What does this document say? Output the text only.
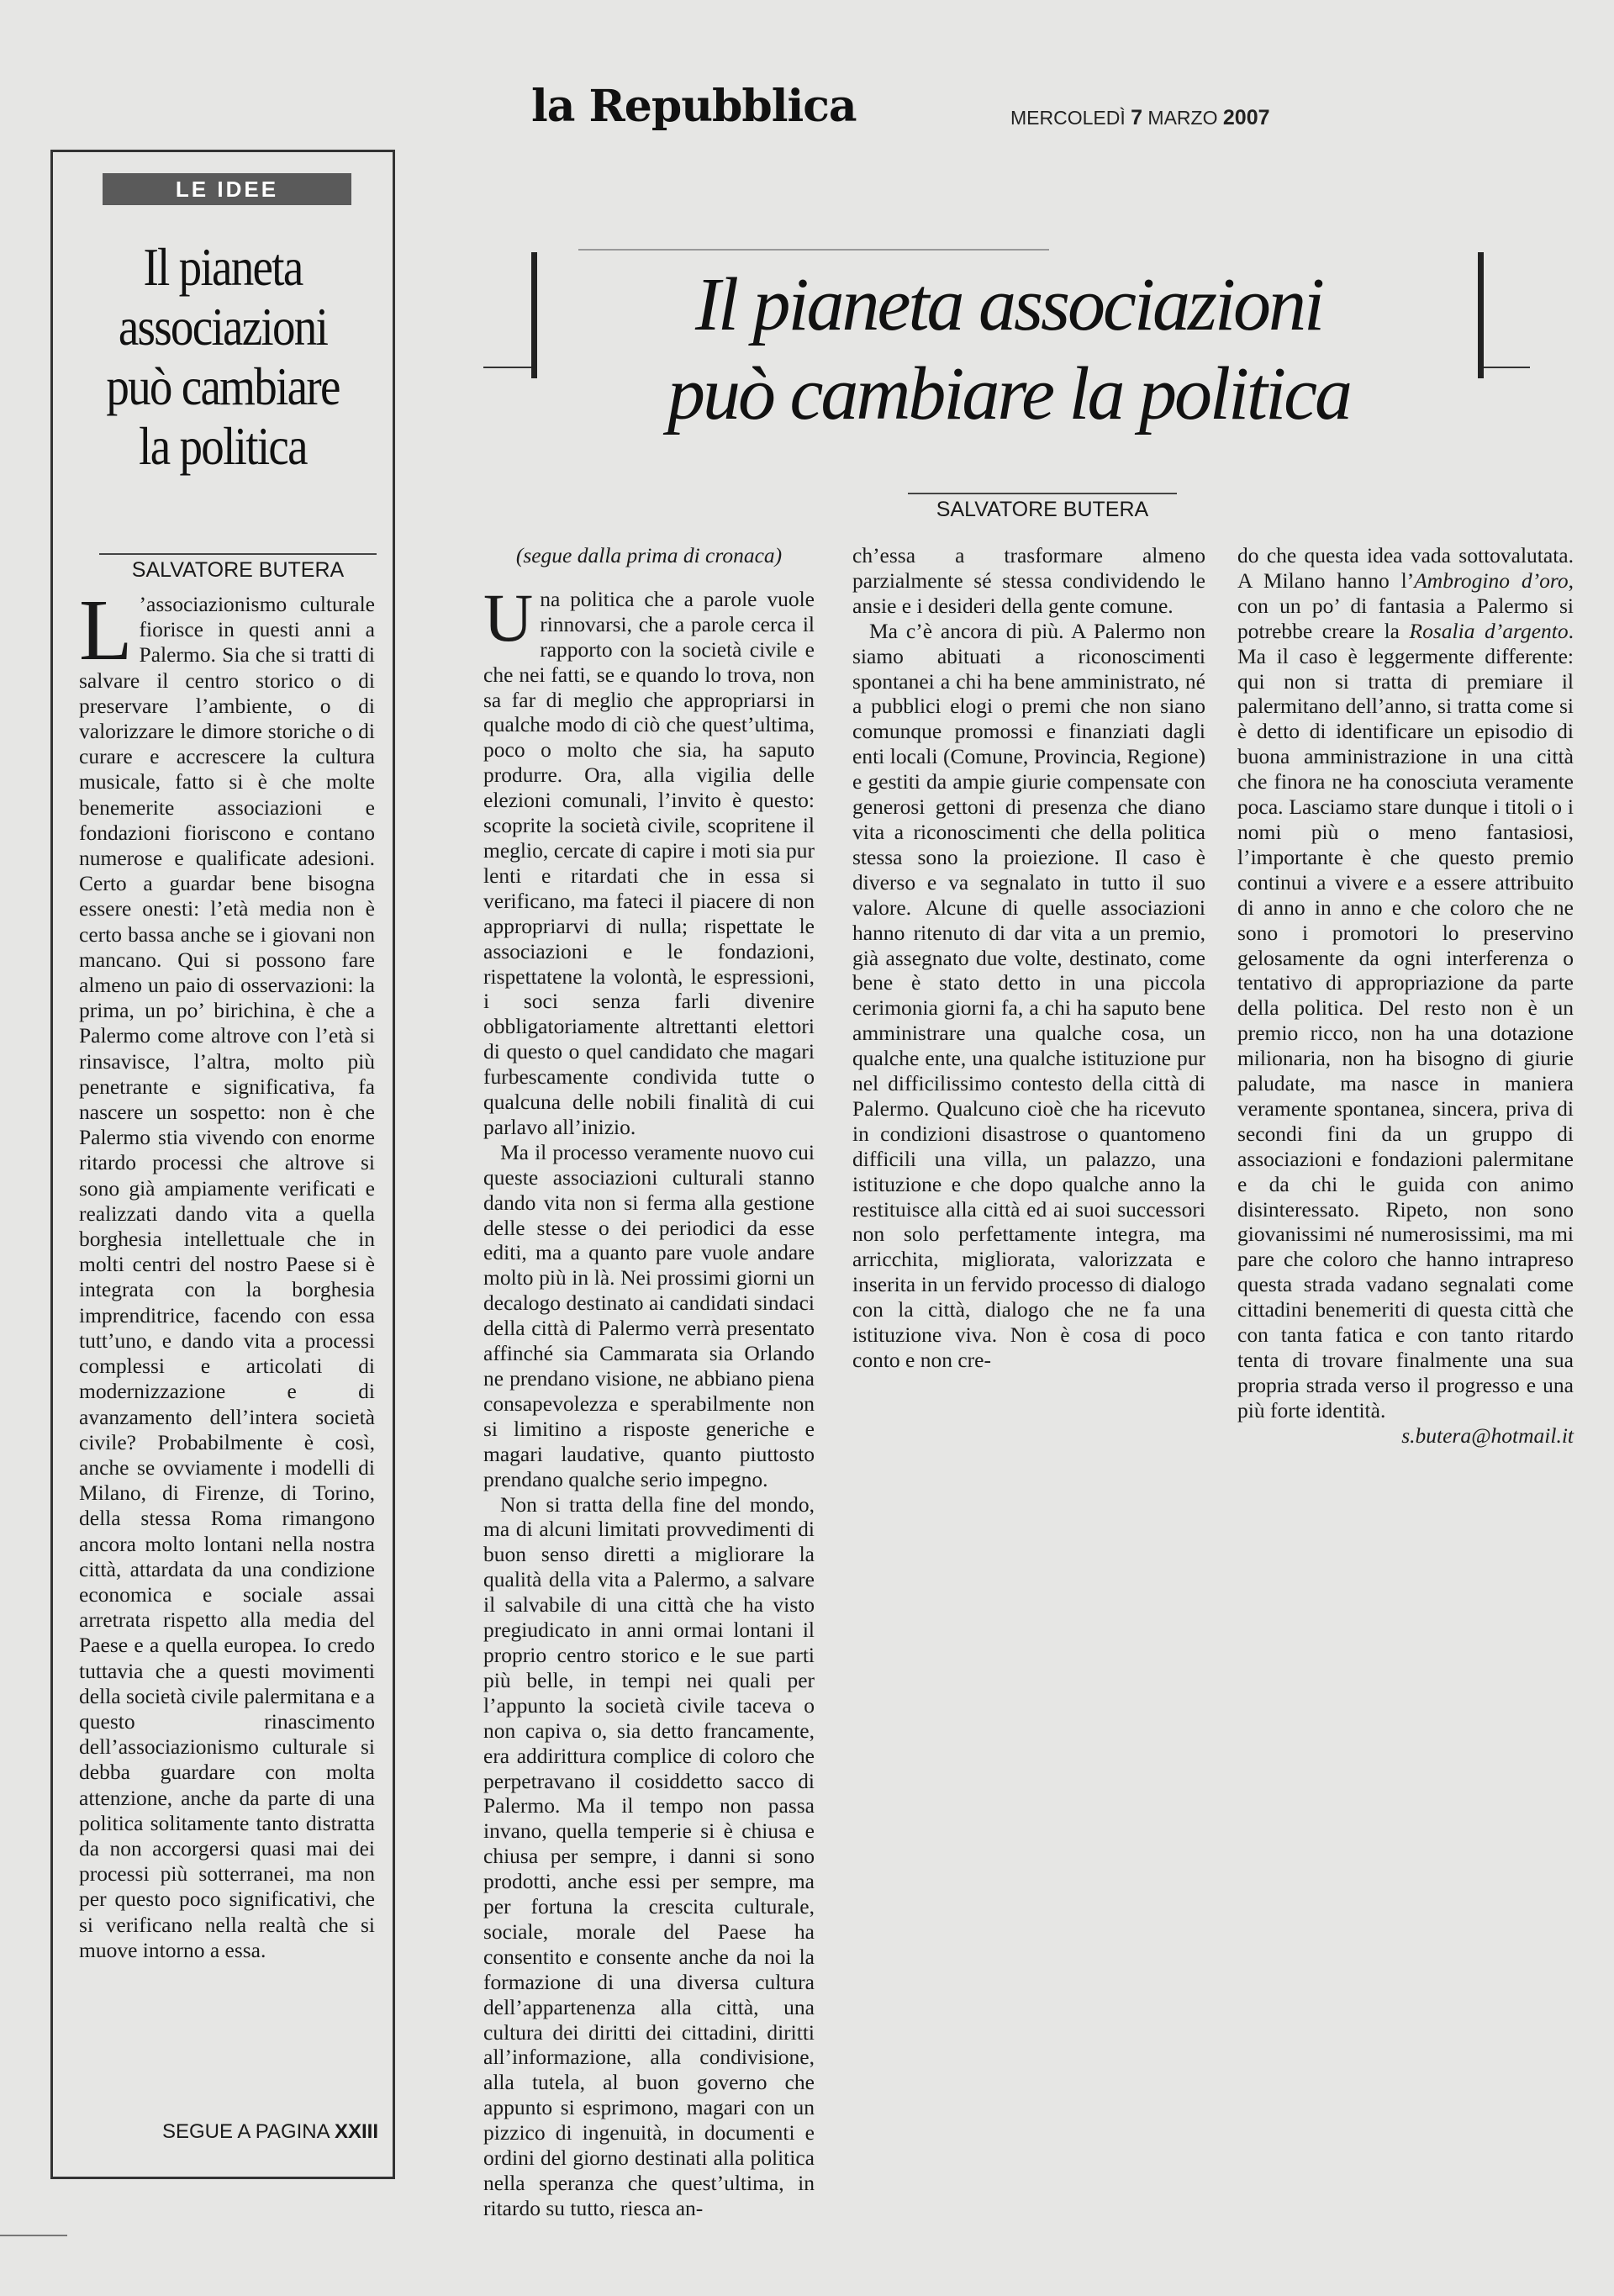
la Repubblica	MERCOLEDÌ 7 MARZO 2007
LE IDEE
Il pianeta
associazioni
può cambiare
la politica
SALVATORE BUTERA
L ’associazionismo culturale fiorisce in questi anni a Palermo. Sia che si tratti di salvare il centro storico o di preservare l’ambiente, o di valorizzare le dimore storiche o di curare e accrescere la cultura musicale, fatto si è che molte benemerite associazioni e fondazioni fioriscono e contano numerose e qualificate adesioni. Certo a guardar bene bisogna essere onesti: l’età media non è certo bassa anche se i giovani non mancano. Qui si possono fare almeno un paio di osservazioni: la prima, un po’ birichina, è che a Palermo come altrove con l’età si rinsavisce, l’altra, molto più penetrante e significativa, fa nascere un sospetto: non è che Palermo stia vivendo con enorme ritardo processi che altrove si sono già ampiamente verificati e realizzati dando vita a quella borghesia intellettuale che in molti centri del nostro Paese si è integrata con la borghesia imprenditrice, facendo con essa tutt’uno, e dando vita a processi complessi e articolati di modernizzazione e di avanzamento dell’intera società civile? Probabilmente è così, anche se ovviamente i modelli di Milano, di Firenze, di Torino, della stessa Roma rimangono ancora molto lontani nella nostra città, attardata da una condizione economica e sociale assai arretrata rispetto alla media del Paese e a quella europea. Io credo tuttavia che a questi movimenti della società civile palermitana e a questo rinascimento dell’associazionismo culturale si debba guardare con molta attenzione, anche da parte di una politica solitamente tanto distratta da non accorgersi quasi mai dei processi più sotterranei, ma non per questo poco significativi, che si verificano nella realtà che si muove intorno a essa.
SEGUE A PAGINA XXIII
Il pianeta associazioni
può cambiare la politica
SALVATORE BUTERA

(segue dalla prima di cronaca)

Una politica che a parole vuole rinnovarsi, che a parole cerca il rapporto con la società civile e che nei fatti, se e quando lo trova, non sa far di meglio che appropriarsi in qualche modo di ciò che quest’ultima, poco o molto che sia, ha saputo produrre. Ora, alla vigilia delle elezioni comunali, l’invito è questo: scoprite la società civile, scopritene il meglio, cercate di capire i moti sia pur lenti e ritardati che in essa si verificano, ma fateci il piacere di non appropriarvi di nulla; rispettate le associazioni e le fondazioni, rispettatene la volontà, le espressioni, i soci senza farli divenire obbligatoriamente altrettanti elettori di questo o quel candidato che magari furbescamente condivida tutte o qualcuna delle nobili finalità di cui parlavo all’inizio.

Ma il processo veramente nuovo cui queste associazioni culturali stanno dando vita non si ferma alla gestione delle stesse o dei periodici da esse editi, ma a quanto pare vuole andare molto più in là. Nei prossimi giorni un decalogo destinato ai candidati sindaci della città di Palermo verrà presentato affinché sia Cammarata sia Orlando ne prendano visione, ne abbiano piena consapevolezza e sperabilmente non si limitino a risposte generiche e magari laudative, quanto piuttosto prendano qualche serio impegno.

Non si tratta della fine del mondo, ma di alcuni limitati provvedimenti di buon senso diretti a migliorare la qualità della vita a Palermo, a salvare il salvabile di una città che ha visto pregiudicato in anni ormai lontani il proprio centro storico e le sue parti più belle, in tempi nei quali per l’appunto la società civile taceva o non capiva o, sia detto francamente, era addirittura complice di coloro che perpetravano il cosiddetto sacco di Palermo. Ma il tempo non passa invano, quella temperie si è chiusa e chiusa per sempre, i danni si sono prodotti, anche essi per sempre, ma per fortuna la crescita culturale, sociale, morale del Paese ha consentito e consente anche da noi la formazione di una diversa cultura dell’appartenenza alla città, una cultura dei diritti dei cittadini, diritti all’informazione, alla condivisione, alla tutela, al buon governo che appunto si esprimono, magari con un pizzico di ingenuità, in documenti e ordini del giorno destinati alla politica nella speranza che quest’ultima, in ritardo su tutto, riesca an-

ch’essa a trasformare almeno parzialmente sé stessa condividendo le ansie e i desideri della gente comune.

Ma c’è ancora di più. A Palermo non siamo abituati a riconoscimenti spontanei a chi ha bene amministrato, né a pubblici elogi o premi che non siano comunque promossi e finanziati dagli enti locali (Comune, Provincia, Regione) e gestiti da ampie giurie compensate con generosi gettoni di presenza che diano vita a riconoscimenti che della politica stessa sono la proiezione. Il caso è diverso e va segnalato in tutto il suo valore. Alcune di quelle associazioni hanno ritenuto di dar vita a un premio, già assegnato due volte, destinato, come bene è stato detto in una piccola cerimonia giorni fa, a chi ha saputo bene amministrare una qualche cosa, un qualche ente, una qualche istituzione pur nel difficilissimo contesto della città di Palermo. Qualcuno cioè che ha ricevuto in condizioni disastrose o quantomeno difficili una villa, un palazzo, una istituzione e che dopo qualche anno la restituisce alla città ed ai suoi successori non solo perfettamente integra, ma arricchita, migliorata, valorizzata e inserita in un fervido processo di dialogo con la città, dialogo che ne fa una istituzione viva. Non è cosa di poco conto e non cre-

do che questa idea vada sottovalutata. A Milano hanno l’Ambrogino d’oro, con un po’ di fantasia a Palermo si potrebbe creare la Rosalia d’argento. Ma il caso è leggermente differente: qui non si tratta di premiare il palermitano dell’anno, si tratta come si è detto di identificare un episodio di buona amministrazione in una città che finora ne ha conosciuta veramente poca. Lasciamo stare dunque i titoli o i nomi più o meno fantasiosi, l’importante è che questo premio continui a vivere e a essere attribuito di anno in anno e che coloro che ne sono i promotori lo preservino gelosamente da ogni interferenza o tentativo di appropriazione da parte della politica. Del resto non è un premio ricco, non ha una dotazione milionaria, non ha bisogno di giurie paludate, ma nasce in maniera veramente spontanea, sincera, priva di secondi fini da un gruppo di associazioni e fondazioni palermitane e da chi le guida con animo disinteressato. Ripeto, non sono giovanissimi né numerosissimi, ma mi pare che coloro che hanno intrapreso questa strada vadano segnalati come cittadini benemeriti di questa città che con tanta fatica e con tanto ritardo tenta di trovare finalmente una sua propria strada verso il progresso e una più forte identità.

s.butera@hotmail.it
